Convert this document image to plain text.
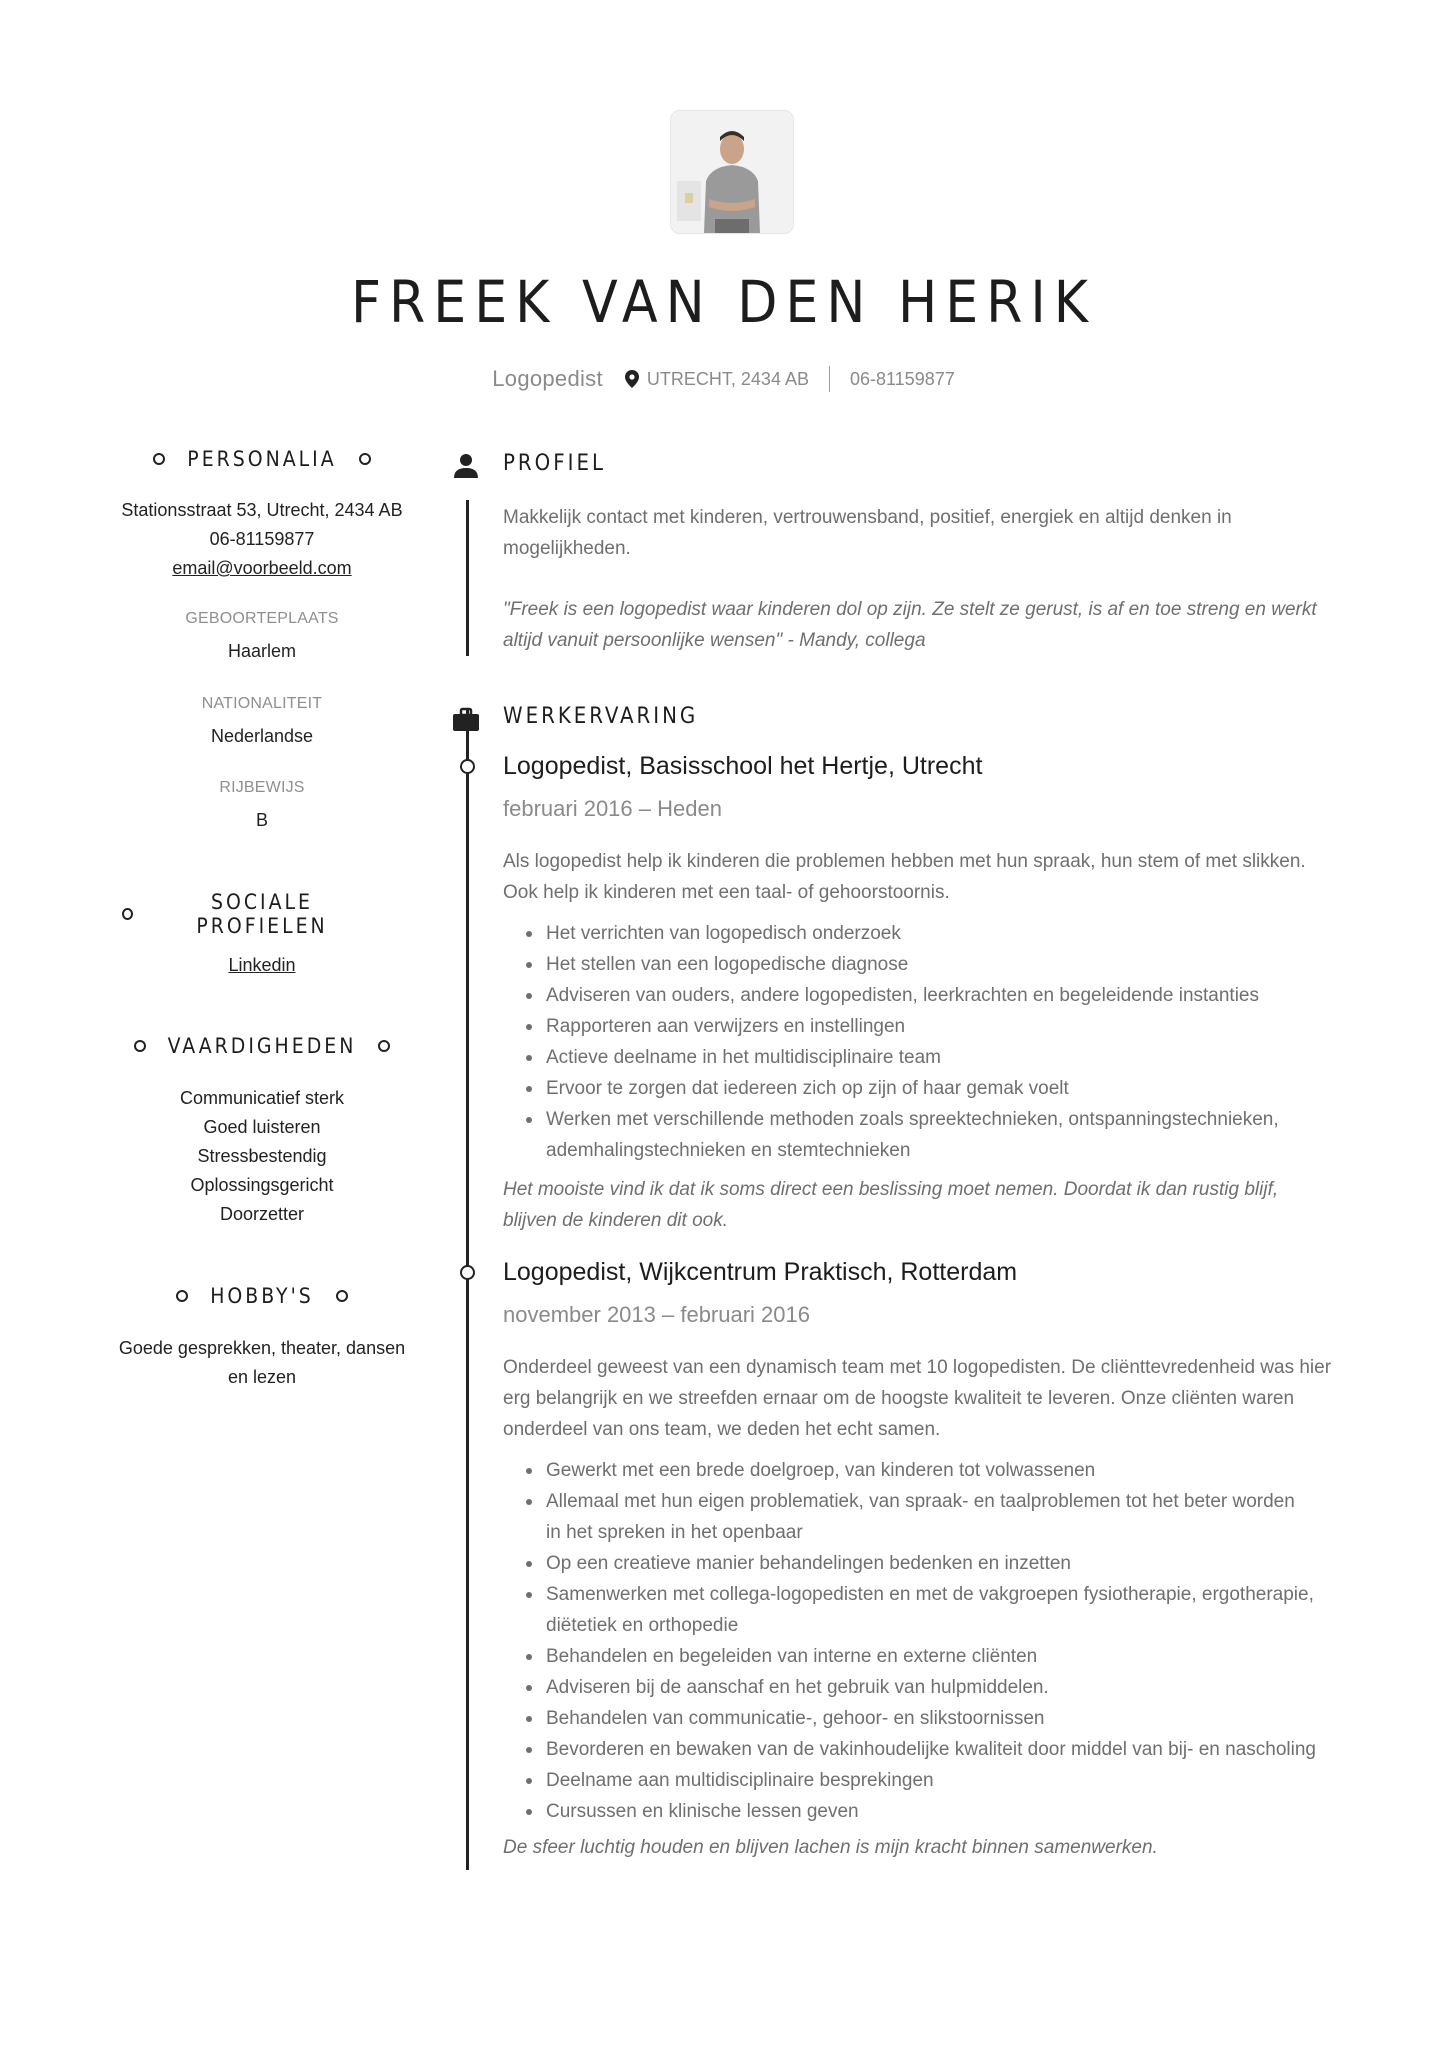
FREEK VAN DEN HERIK
Logopedist UTRECHT, 2434 AB 06-81159877
PERSONALIA
Stationsstraat 53, Utrecht, 2434 AB
06-81159877
email@voorbeeld.com
GEBOORTEPLAATS
Haarlem
NATIONALITEIT
Nederlandse
RIJBEWIJS
B
SOCIALE PROFIELEN
Linkedin
VAARDIGHEDEN
Communicatief sterk
Goed luisteren
Stressbestendig
Oplossingsgericht
Doorzetter
HOBBY'S
Goede gesprekken, theater, dansen
en lezen
PROFIEL
Makkelijk contact met kinderen, vertrouwensband, positief, energiek en altijd denken in
mogelijkheden.
"Freek is een logopedist waar kinderen dol op zijn. Ze stelt ze gerust, is af en toe streng en werkt
altijd vanuit persoonlijke wensen" - Mandy, collega
WERKERVARING
Logopedist, Basisschool het Hertje, Utrecht
februari 2016 – Heden
Als logopedist help ik kinderen die problemen hebben met hun spraak, hun stem of met slikken.
Ook help ik kinderen met een taal- of gehoorstoornis.
Het verrichten van logopedisch onderzoek
Het stellen van een logopedische diagnose
Adviseren van ouders, andere logopedisten, leerkrachten en begeleidende instanties
Rapporteren aan verwijzers en instellingen
Actieve deelname in het multidisciplinaire team
Ervoor te zorgen dat iedereen zich op zijn of haar gemak voelt
Werken met verschillende methoden zoals spreektechnieken, ontspanningstechnieken,
ademhalingstechnieken en stemtechnieken
Het mooiste vind ik dat ik soms direct een beslissing moet nemen. Doordat ik dan rustig blijf,
blijven de kinderen dit ook.
Logopedist, Wijkcentrum Praktisch, Rotterdam
november 2013 – februari 2016
Onderdeel geweest van een dynamisch team met 10 logopedisten. De cliënttevredenheid was hier
erg belangrijk en we streefden ernaar om de hoogste kwaliteit te leveren. Onze cliënten waren
onderdeel van ons team, we deden het echt samen.
Gewerkt met een brede doelgroep, van kinderen tot volwassenen
Allemaal met hun eigen problematiek, van spraak- en taalproblemen tot het beter worden
in het spreken in het openbaar
Op een creatieve manier behandelingen bedenken en inzetten
Samenwerken met collega-logopedisten en met de vakgroepen fysiotherapie, ergotherapie,
diëtetiek en orthopedie
Behandelen en begeleiden van interne en externe cliënten
Adviseren bij de aanschaf en het gebruik van hulpmiddelen.
Behandelen van communicatie-, gehoor- en slikstoornissen
Bevorderen en bewaken van de vakinhoudelijke kwaliteit door middel van bij- en nascholing
Deelname aan multidisciplinaire besprekingen
Cursussen en klinische lessen geven
De sfeer luchtig houden en blijven lachen is mijn kracht binnen samenwerken.
